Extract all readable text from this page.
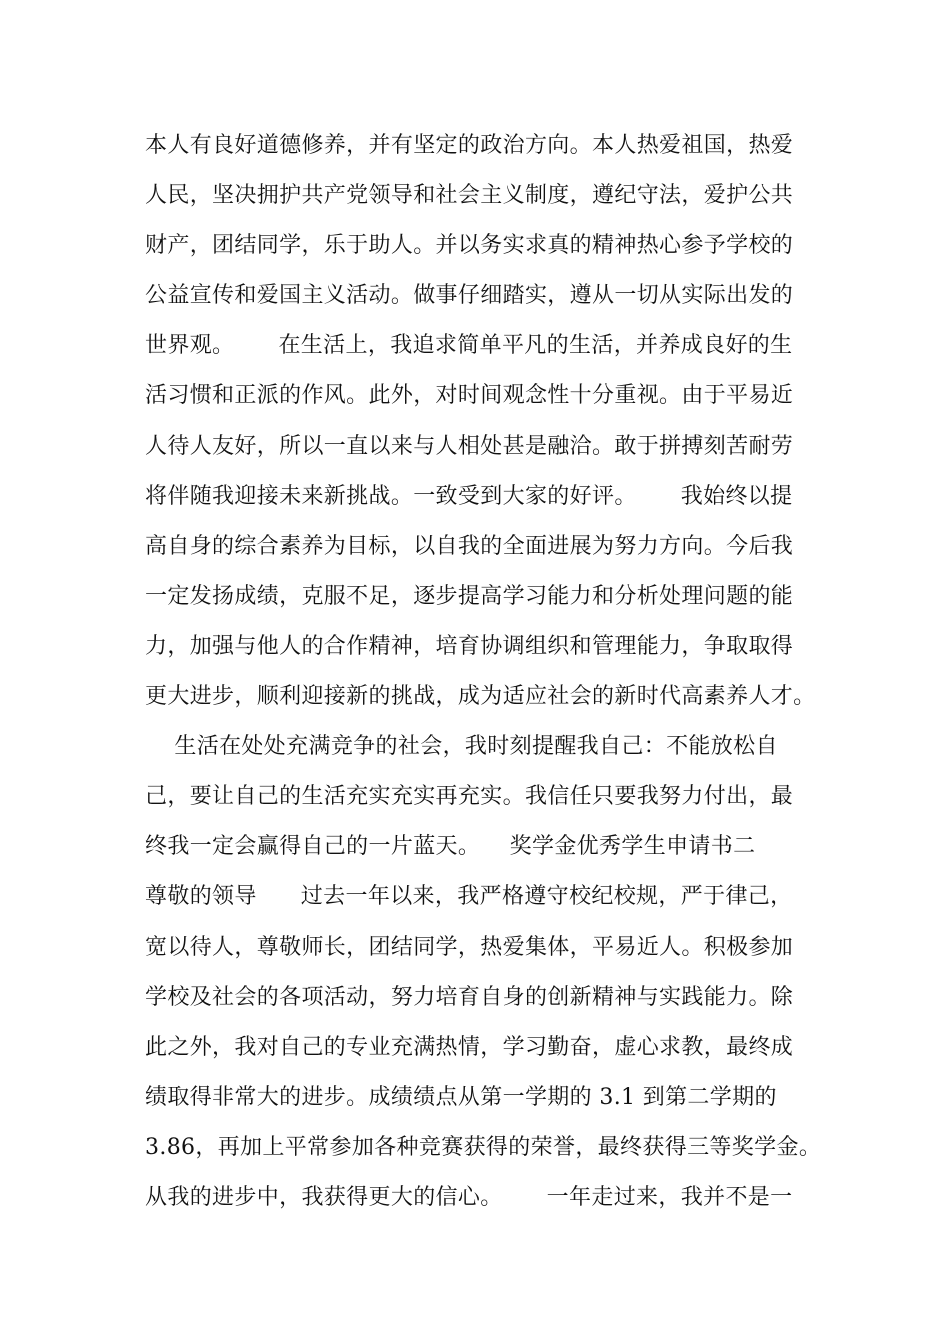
本人有良好道德修养，并有坚定的政治方向。本人热爱祖国，热爱
人民，坚决拥护共产党领导和社会主义制度，遵纪守法，爱护公共
财产，团结同学，乐于助人。并以务实求真的精神热心参予学校的
公益宣传和爱国主义活动。做事仔细踏实，遵从一切从实际出发的
世界观。      在生活上，我追求简单平凡的生活，并养成良好的生
活习惯和正派的作风。此外，对时间观念性十分重视。由于平易近
人待人友好，所以一直以来与人相处甚是融洽。敢于拼搏刻苦耐劳
将伴随我迎接未来新挑战。一致受到大家的好评。      我始终以提
高自身的综合素养为目标，以自我的全面进展为努力方向。今后我
一定发扬成绩，克服不足，逐步提高学习能力和分析处理问题的能
力，加强与他人的合作精神，培育协调组织和管理能力，争取取得
更大进步，顺利迎接新的挑战，成为适应社会的新时代高素养人才。
生活在处处充满竞争的社会，我时刻提醒我自己：不能放松自
己，要让自己的生活充实充实再充实。我信任只要我努力付出，最
终我一定会赢得自己的一片蓝天。    奖学金优秀学生申请书二
尊敬的领导      过去一年以来，我严格遵守校纪校规，严于律己，
宽以待人，尊敬师长，团结同学，热爱集体，平易近人。积极参加
学校及社会的各项活动，努力培育自身的创新精神与实践能力。除
此之外，我对自己的专业充满热情，学习勤奋，虚心求教，最终成
绩取得非常大的进步。成绩绩点从第一学期的 3.1 到第二学期的
3.86，再加上平常参加各种竞赛获得的荣誉，最终获得三等奖学金。
从我的进步中，我获得更大的信心。      一年走过来，我并不是一
